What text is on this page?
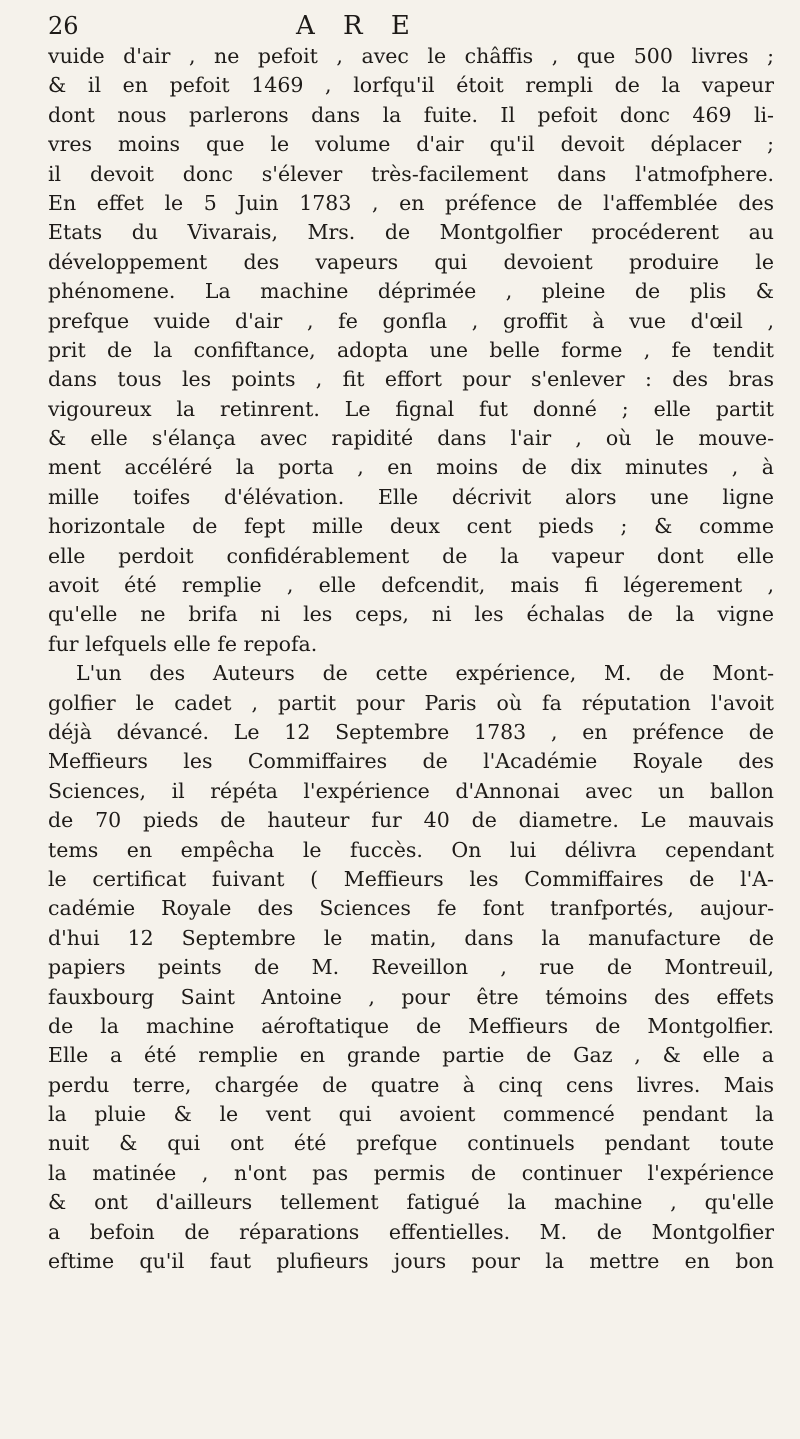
26	A R E
vuide d'air , ne pefoit , avec le châffis , que 500 livres ;
& il en pefoit 1469 , lorfqu'il étoit rempli de la vapeur
dont nous parlerons dans la fuite. Il pefoit donc 469 li-
vres moins que le volume d'air qu'il devoit déplacer ;
il devoit donc s'élever très-facilement dans l'atmofphere.
En effet le 5 Juin 1783 , en préfence de l'affemblée des
Etats du Vivarais, Mrs. de Montgolfier procéderent au
développement des vapeurs qui devoient produire le
phénomene. La machine déprimée , pleine de plis &
prefque vuide d'air , fe gonfla , groffit à vue d'œil ,
prit de la confiftance, adopta une belle forme , fe tendit
dans tous les points , fit effort pour s'enlever : des bras
vigoureux la retinrent. Le fignal fut donné ; elle partit
& elle s'élança avec rapidité dans l'air , où le mouve-
ment accéléré la porta , en moins de dix minutes , à
mille toifes d'élévation. Elle décrivit alors une ligne
horizontale de fept mille deux cent pieds ; & comme
elle perdoit confidérablement de la vapeur dont elle
avoit été remplie , elle defcendit, mais fi légerement ,
qu'elle ne brifa ni les ceps, ni les échalas de la vigne
fur lefquels elle fe repofa.
L'un des Auteurs de cette expérience, M. de Mont-
golfier le cadet , partit pour Paris où fa réputation l'avoit
déjà dévancé. Le 12 Septembre 1783 , en préfence de
Meffieurs les Commiffaires de l'Académie Royale des
Sciences, il répéta l'expérience d'Annonai avec un ballon
de 70 pieds de hauteur fur 40 de diametre. Le mauvais
tems en empêcha le fuccès. On lui délivra cependant
le certificat fuivant ( Meffieurs les Commiffaires de l'A-
cadémie Royale des Sciences fe font tranfportés, aujour-
d'hui 12 Septembre le matin, dans la manufacture de
papiers peints de M. Reveillon , rue de Montreuil,
fauxbourg Saint Antoine , pour être témoins des effets
de la machine aéroftatique de Meffieurs de Montgolfier.
Elle a été remplie en grande partie de Gaz , & elle a
perdu terre, chargée de quatre à cinq cens livres. Mais
la pluie & le vent qui avoient commencé pendant la
nuit & qui ont été prefque continuels pendant toute
la matinée , n'ont pas permis de continuer l'expérience
& ont d'ailleurs tellement fatigué la machine , qu'elle
a befoin de réparations effentielles. M. de Montgolfier
eftime qu'il faut plufieurs jours pour la mettre en bon
